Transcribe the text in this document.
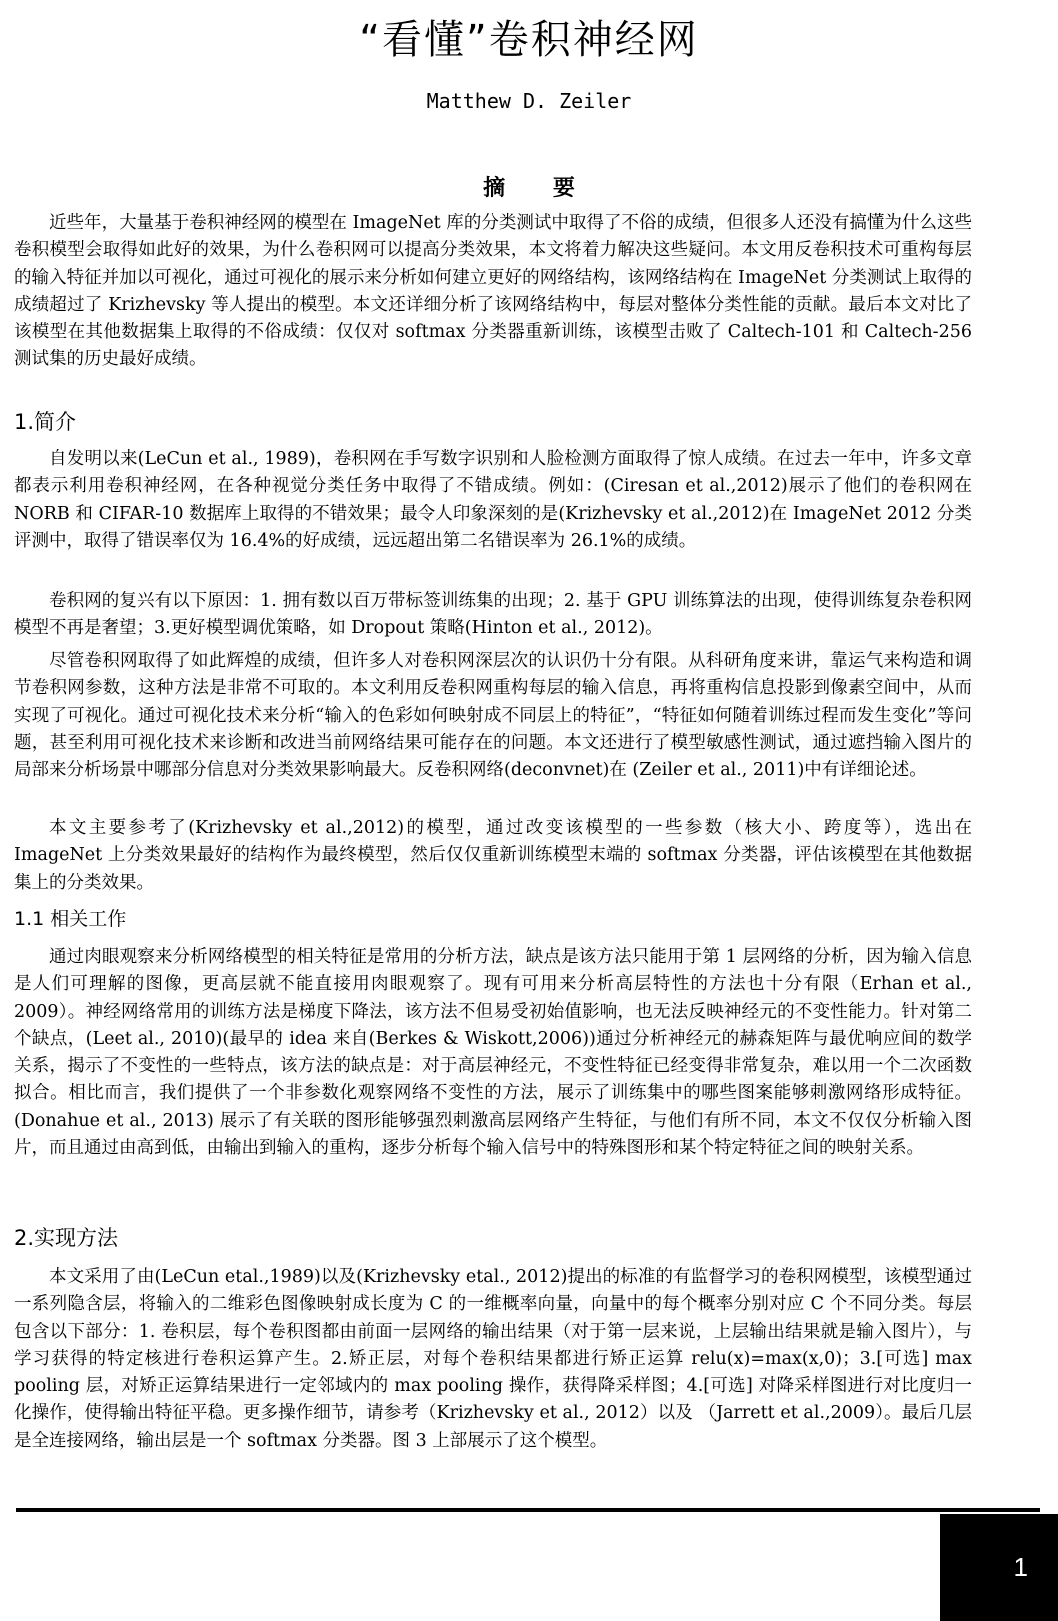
“看懂”卷积神经网
Matthew D. Zeiler
摘 要

近些年，大量基于卷积神经网的模型在 ImageNet 库的分类测试中取得了不俗的成绩，但很多人还没有搞懂为什么这些卷积模型会取得如此好的效果，为什么卷积网可以提高分类效果，本文将着力解决这些疑问。本文用反卷积技术可重构每层的输入特征并加以可视化，通过可视化的展示来分析如何建立更好的网络结构，该网络结构在 ImageNet 分类测试上取得的成绩超过了 Krizhevsky 等人提出的模型。本文还详细分析了该网络结构中，每层对整体分类性能的贡献。最后本文对比了该模型在其他数据集上取得的不俗成绩：仅仅对 softmax 分类器重新训练，该模型击败了 Caltech-101 和 Caltech-256 测试集的历史最好成绩。

1.简介

自发明以来(LeCun et al., 1989)，卷积网在手写数字识别和人脸检测方面取得了惊人成绩。在过去一年中，许多文章都表示利用卷积神经网，在各种视觉分类任务中取得了不错成绩。例如：(Ciresan et al.,2012)展示了他们的卷积网在 NORB 和 CIFAR-10 数据库上取得的不错效果；最令人印象深刻的是(Krizhevsky et al.,2012)在 ImageNet 2012 分类评测中，取得了错误率仅为 16.4%的好成绩，远远超出第二名错误率为 26.1%的成绩。

卷积网的复兴有以下原因：1. 拥有数以百万带标签训练集的出现；2. 基于 GPU 训练算法的出现，使得训练复杂卷积网模型不再是奢望；3.更好模型调优策略，如 Dropout 策略(Hinton et al., 2012)。

尽管卷积网取得了如此辉煌的成绩，但许多人对卷积网深层次的认识仍十分有限。从科研角度来讲，靠运气来构造和调节卷积网参数，这种方法是非常不可取的。本文利用反卷积网重构每层的输入信息，再将重构信息投影到像素空间中，从而实现了可视化。通过可视化技术来分析“输入的色彩如何映射成不同层上的特征”，“特征如何随着训练过程而发生变化”等问题，甚至利用可视化技术来诊断和改进当前网络结果可能存在的问题。本文还进行了模型敏感性测试，通过遮挡输入图片的局部来分析场景中哪部分信息对分类效果影响最大。反卷积网络(deconvnet)在 (Zeiler et al., 2011)中有详细论述。

本文主要参考了(Krizhevsky et al.,2012)的模型，通过改变该模型的一些参数（核大小、跨度等），选出在 ImageNet 上分类效果最好的结构作为最终模型，然后仅仅重新训练模型末端的 softmax 分类器，评估该模型在其他数据集上的分类效果。

1.1 相关工作

通过肉眼观察来分析网络模型的相关特征是常用的分析方法，缺点是该方法只能用于第 1 层网络的分析，因为输入信息是人们可理解的图像，更高层就不能直接用肉眼观察了。现有可用来分析高层特性的方法也十分有限（Erhan et al., 2009）。神经网络常用的训练方法是梯度下降法，该方法不但易受初始值影响，也无法反映神经元的不变性能力。针对第二个缺点，(Leet al., 2010)(最早的 idea 来自(Berkes & Wiskott,2006))通过分析神经元的赫森矩阵与最优响应间的数学关系，揭示了不变性的一些特点，该方法的缺点是：对于高层神经元，不变性特征已经变得非常复杂，难以用一个二次函数拟合。相比而言，我们提供了一个非参数化观察网络不变性的方法，展示了训练集中的哪些图案能够刺激网络形成特征。(Donahue et al., 2013) 展示了有关联的图形能够强烈刺激高层网络产生特征，与他们有所不同，本文不仅仅分析输入图片，而且通过由高到低，由输出到输入的重构，逐步分析每个输入信号中的特殊图形和某个特定特征之间的映射关系。

2.实现方法

本文采用了由(LeCun etal.,1989)以及(Krizhevsky etal., 2012)提出的标准的有监督学习的卷积网模型，该模型通过一系列隐含层，将输入的二维彩色图像映射成长度为 C 的一维概率向量，向量中的每个概率分别对应 C 个不同分类。每层包含以下部分：1. 卷积层，每个卷积图都由前面一层网络的输出结果（对于第一层来说，上层输出结果就是输入图片），与学习获得的特定核进行卷积运算产生。2.矫正层，对每个卷积结果都进行矫正运算 relu(x)=max(x,0)；3.[可选] max pooling 层，对矫正运算结果进行一定邻域内的 max pooling 操作，获得降采样图；4.[可选] 对降采样图进行对比度归一化操作，使得输出特征平稳。更多操作细节，请参考（Krizhevsky et al., 2012）以及 （Jarrett et al.,2009）。最后几层是全连接网络，输出层是一个 softmax 分类器。图 3 上部展示了这个模型。

1
